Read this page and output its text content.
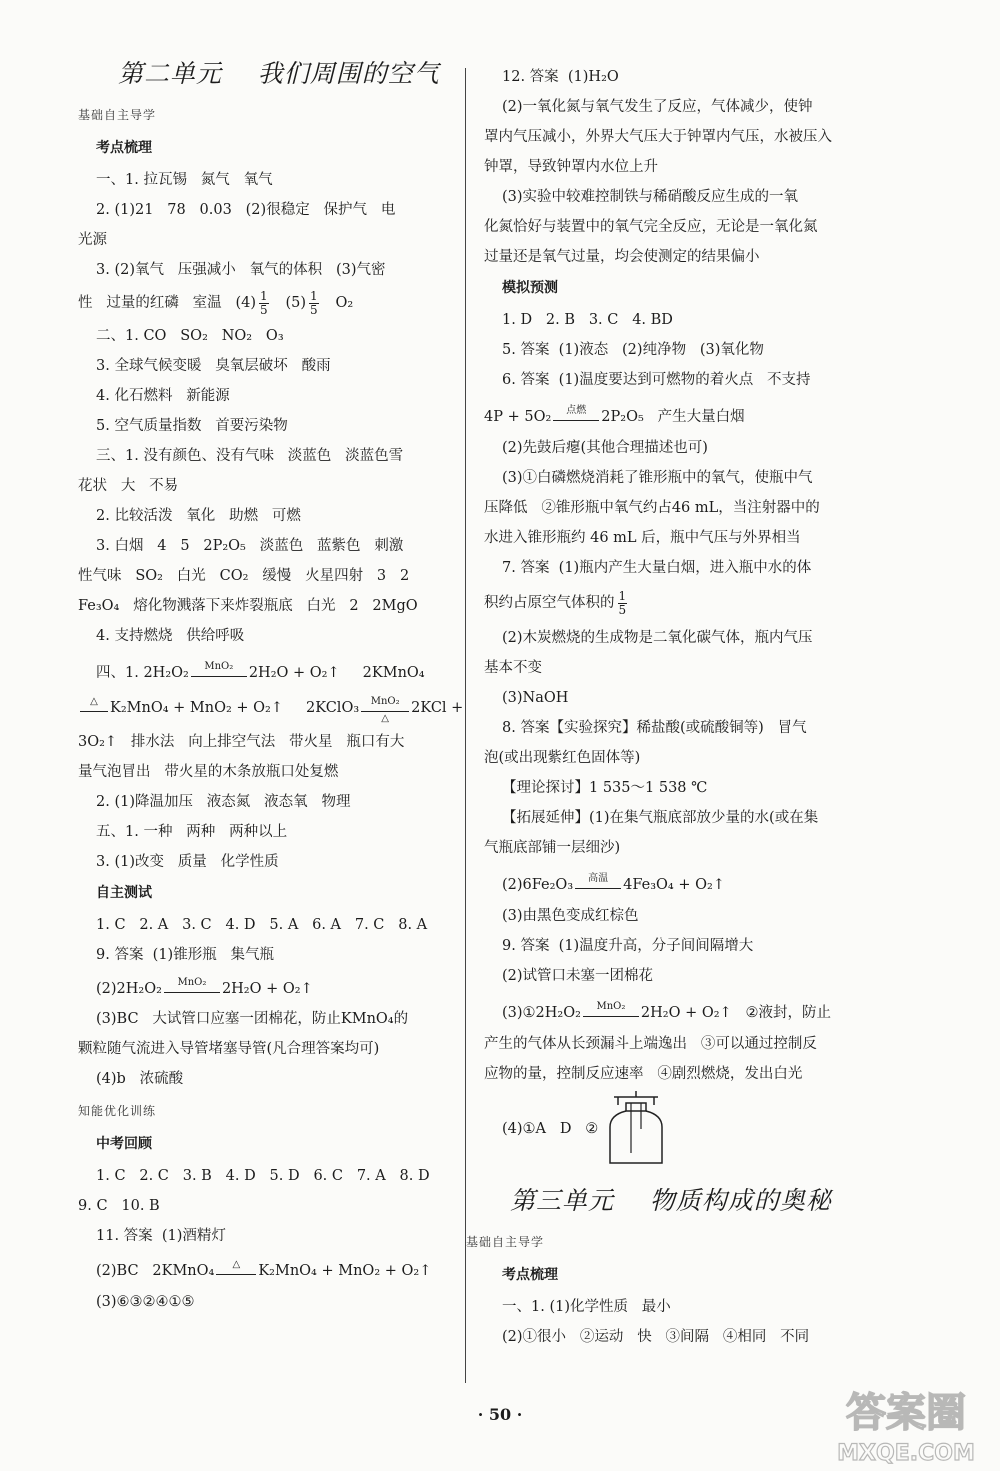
第二单元    我们周围的空气
基础自主导学
考点梳理
一、1. 拉瓦锡   氮气   氧气
2. (1)21   78   0.03   (2)很稳定   保护气   电
光源
3. (2)氧气   压强减小   氧气的体积   (3)气密
性   过量的红磷   室温   $(4) \frac{1}{5} (5) \frac{1}{5} O_2$
二、1. CO   SO₂   NO₂   O₃
3. 全球气候变暖   臭氧层破坏   酸雨
4. 化石燃料   新能源
5. 空气质量指数   首要污染物
三、1. 没有颜色、没有气味   淡蓝色   淡蓝色雪
花状   大   不易
2. 比较活泼   氧化   助燃   可燃
3. 白烟   4   5   2P₂O₅   淡蓝色   蓝紫色   刺激
性气味   SO₂   白光   CO₂   缓慢   火星四射   3   2
Fe₃O₄   熔化物溅落下来炸裂瓶底   白光   2   2MgO
4. 支持燃烧   供给呼吸
四、1. 2H₂O₂	MnO₂	2H₂O + O₂↑     2KMnO₄
△ K₂MnO₄ + MnO₂ + O₂↑     2KClO₃	MnO₂
△
2KCl +
3O₂↑   排水法   向上排空气法   带火星   瓶口有大
量气泡冒出   带火星的木条放瓶口处复燃
2. (1)降温加压   液态氮   液态氧   物理
五、1. 一种   两种   两种以上
3. (1)改变   质量   化学性质
自主测试
1. C   2. A   3. C   4. D   5. A   6. A   7. C   8. A
9. 答案  (1)锥形瓶   集气瓶
(2)2H₂O₂	MnO₂	2H₂O + O₂↑
(3)BC   大试管口应塞一团棉花，防止KMnO₄的
颗粒随气流进入导管堵塞导管(凡合理答案均可)
(4)b   浓硫酸
知能优化训练
中考回顾
1. C   2. C   3. B   4. D   5. D   6. C   7. A   8. D
9. C   10. B
11. 答案  (1)酒精灯
(2)BC   2KMnO₄	△	K₂MnO₄ + MnO₂ + O₂↑
(3)⑥③②④①⑤
12. 答案  (1)H₂O
(2)一氧化氮与氧气发生了反应，气体减少，使钟
罩内气压减小，外界大气压大于钟罩内气压，水被压入
钟罩，导致钟罩内水位上升
(3)实验中较难控制铁与稀硝酸反应生成的一氧
化氮恰好与装置中的氧气完全反应，无论是一氧化氮
过量还是氧气过量，均会使测定的结果偏小
模拟预测
1. D   2. B   3. C   4. BD
5. 答案  (1)液态   (2)纯净物   (3)氧化物
6. 答案  (1)温度要达到可燃物的着火点   不支持
4P + 5O₂	点燃	2P₂O₅   产生大量白烟
(2)先鼓后瘪(其他合理描述也可)
(3)①白磷燃烧消耗了锥形瓶中的氧气，使瓶中气
压降低   ②锥形瓶中氧气约占46 mL，当注射器中的
水进入锥形瓶约 46 mL 后，瓶中气压与外界相当
7. 答案  (1)瓶内产生大量白烟，进入瓶中水的体
积约占原空气体积的 $\frac{1}{5}$
(2)木炭燃烧的生成物是二氧化碳气体，瓶内气压
基本不变
(3)NaOH
8. 答案【实验探究】稀盐酸(或硫酸铜等)   冒气
泡(或出现紫红色固体等)
【理论探讨】1 535～1 538 ℃
【拓展延伸】(1)在集气瓶底部放少量的水(或在集
气瓶底部铺一层细沙)
(2)6Fe₂O₃	高温	4Fe₃O₄ + O₂↑
(3)由黑色变成红棕色
9. 答案  (1)温度升高，分子间间隔增大
(2)试管口未塞一团棉花
(3)①2H₂O₂	MnO₂	2H₂O + O₂↑   ②液封，防止
产生的气体从长颈漏斗上端逸出   ③可以通过控制反
应物的量，控制反应速率   ④剧烈燃烧，发出白光
(4)①A   D   ②
第三单元    物质构成的奥秘
基础自主导学
考点梳理
一、1. (1)化学性质   最小
(2)①很小   ②运动   快   ③间隔   ④相同   不同
· 50 ·	答案圈
MXQE.COM
